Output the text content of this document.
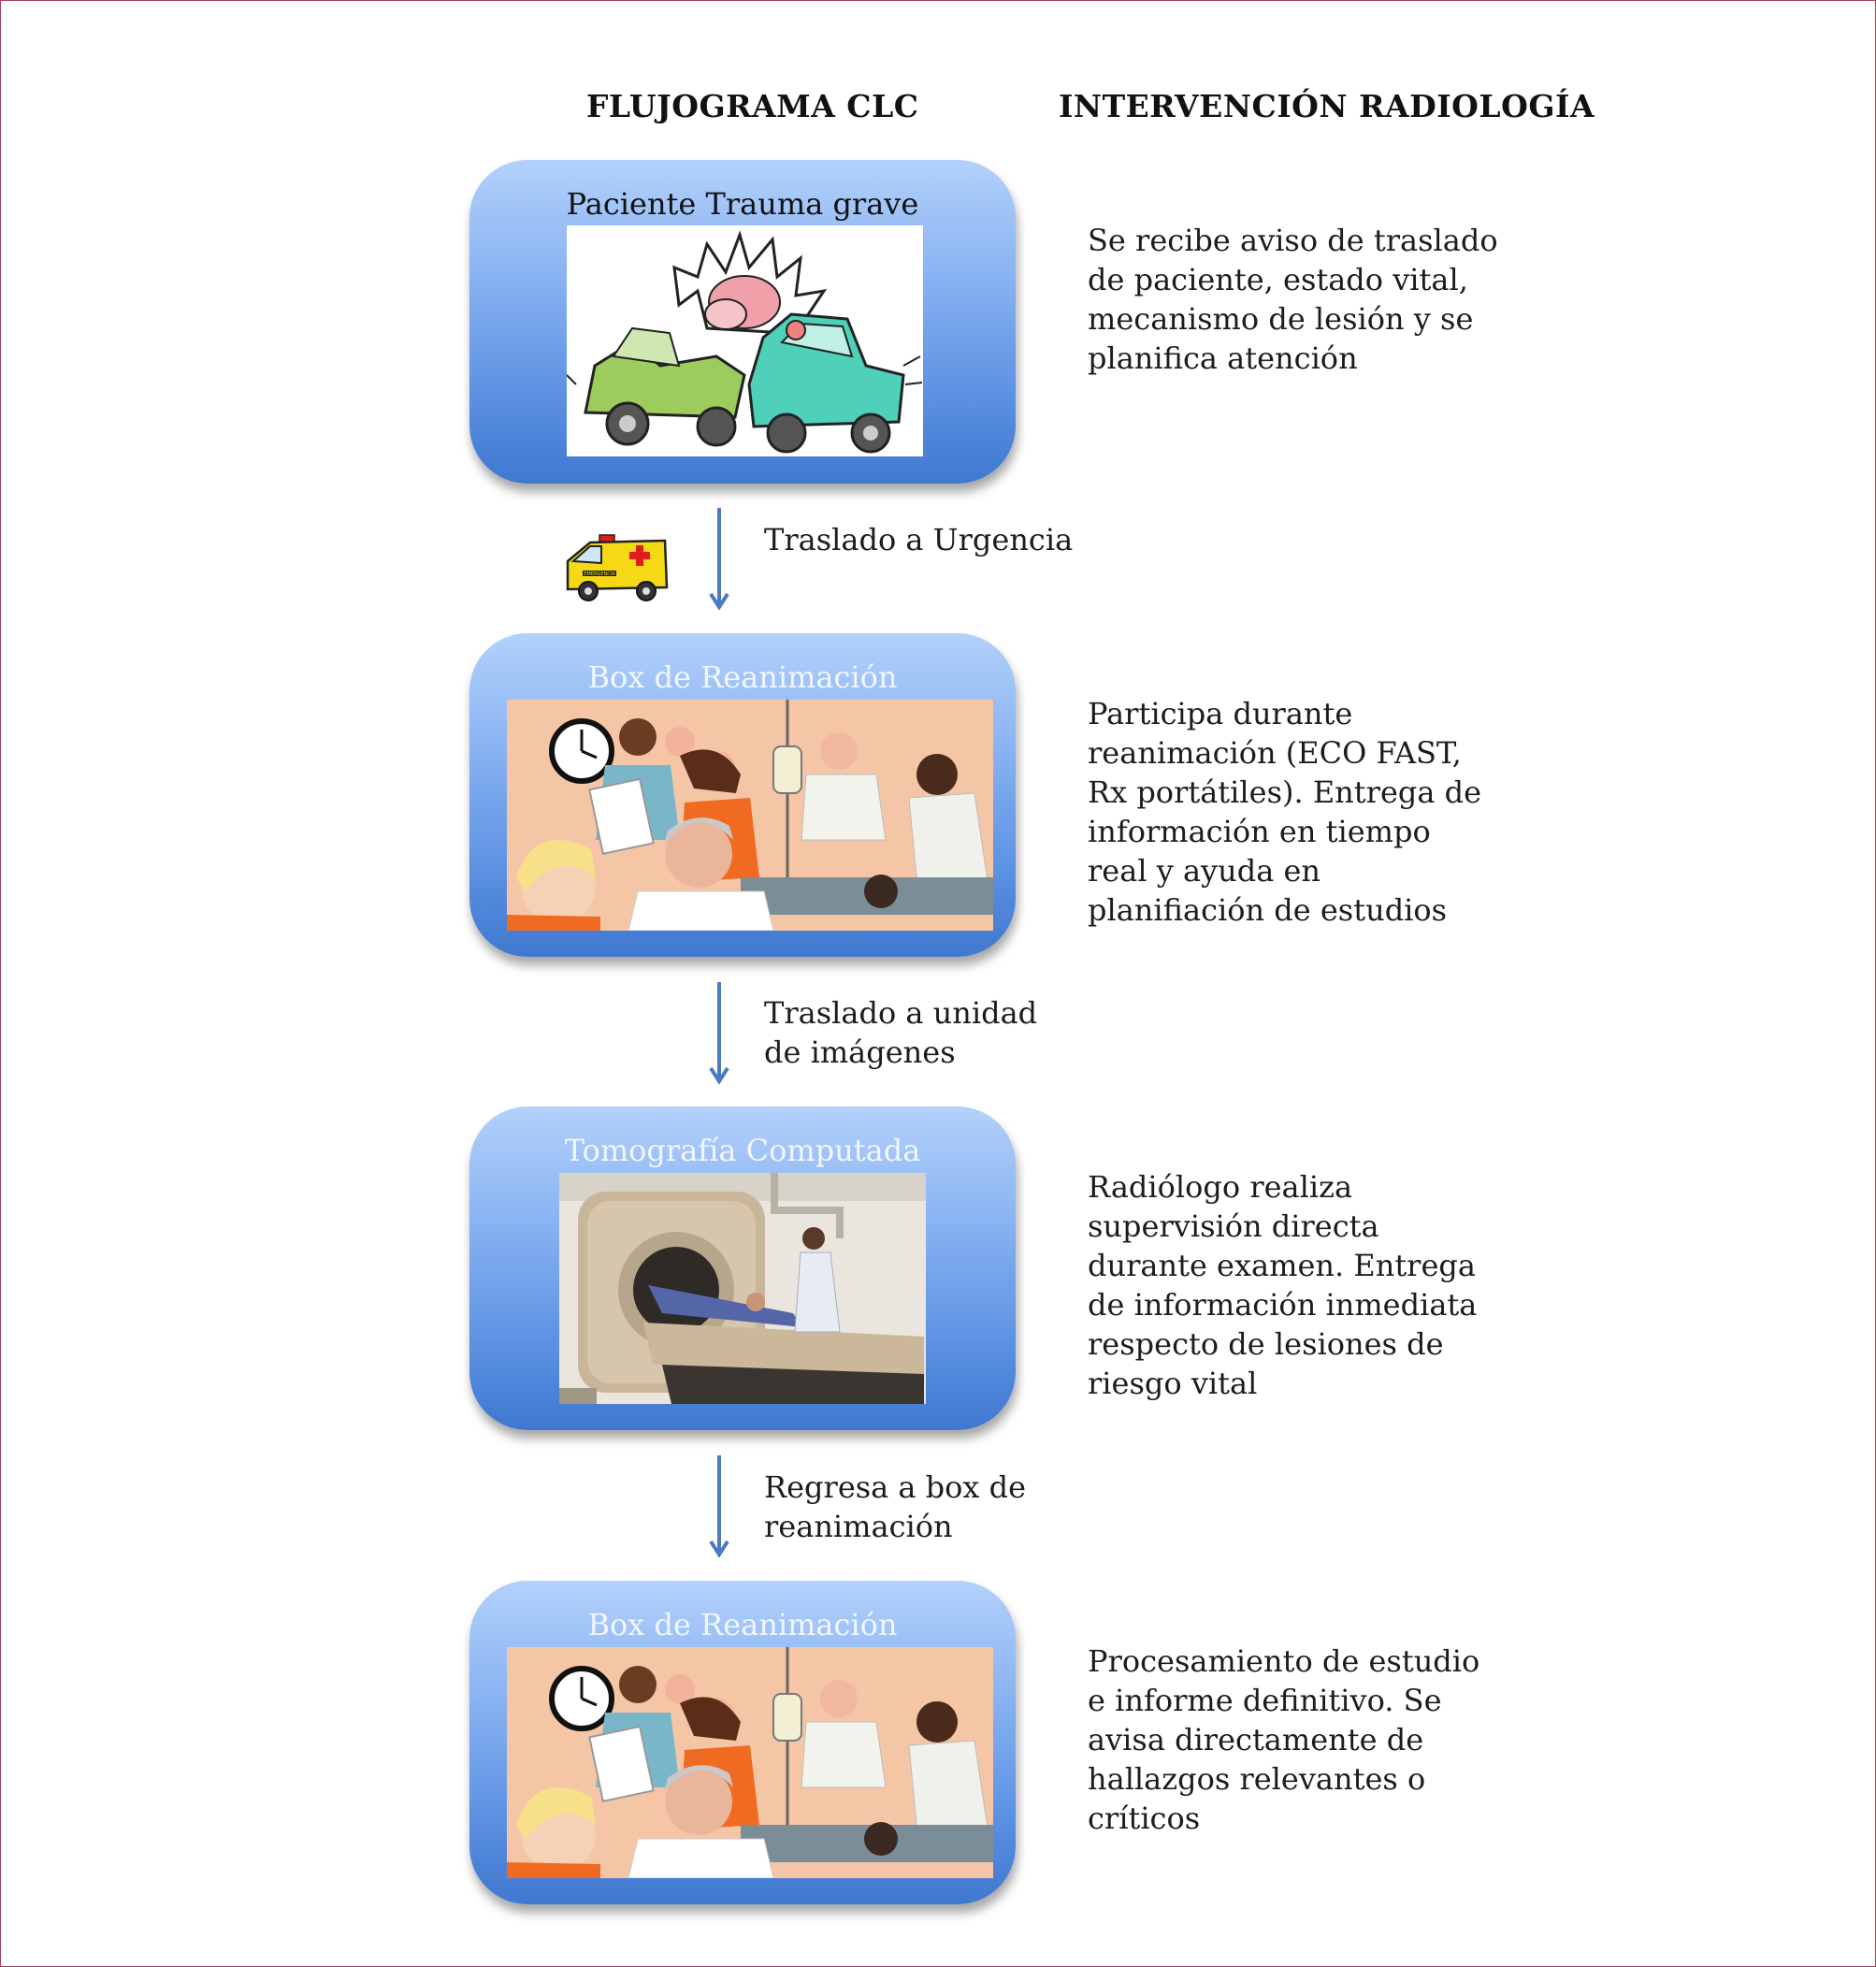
FLUJOGRAMA CLC	INTERVENCIÓN RADIOLOGÍA
Paciente Trauma grave
Se recibe aviso de traslado
de paciente, estado vital,
mecanismo de lesión y se
planifica atención
EMERGENCIA
Traslado a Urgencia
Box de Reanimación
Participa durante
reanimación (ECO FAST,
Rx portátiles). Entrega de
información en tiempo
real y ayuda en
planifiación de estudios
Traslado a unidad
de imágenes
Tomografía Computada
Radiólogo realiza
supervisión directa
durante examen. Entrega
de información inmediata
respecto de lesiones de
riesgo vital
Regresa a box de
reanimación
Box de Reanimación
Procesamiento de estudio
e informe definitivo. Se
avisa directamente de
hallazgos relevantes o
críticos
